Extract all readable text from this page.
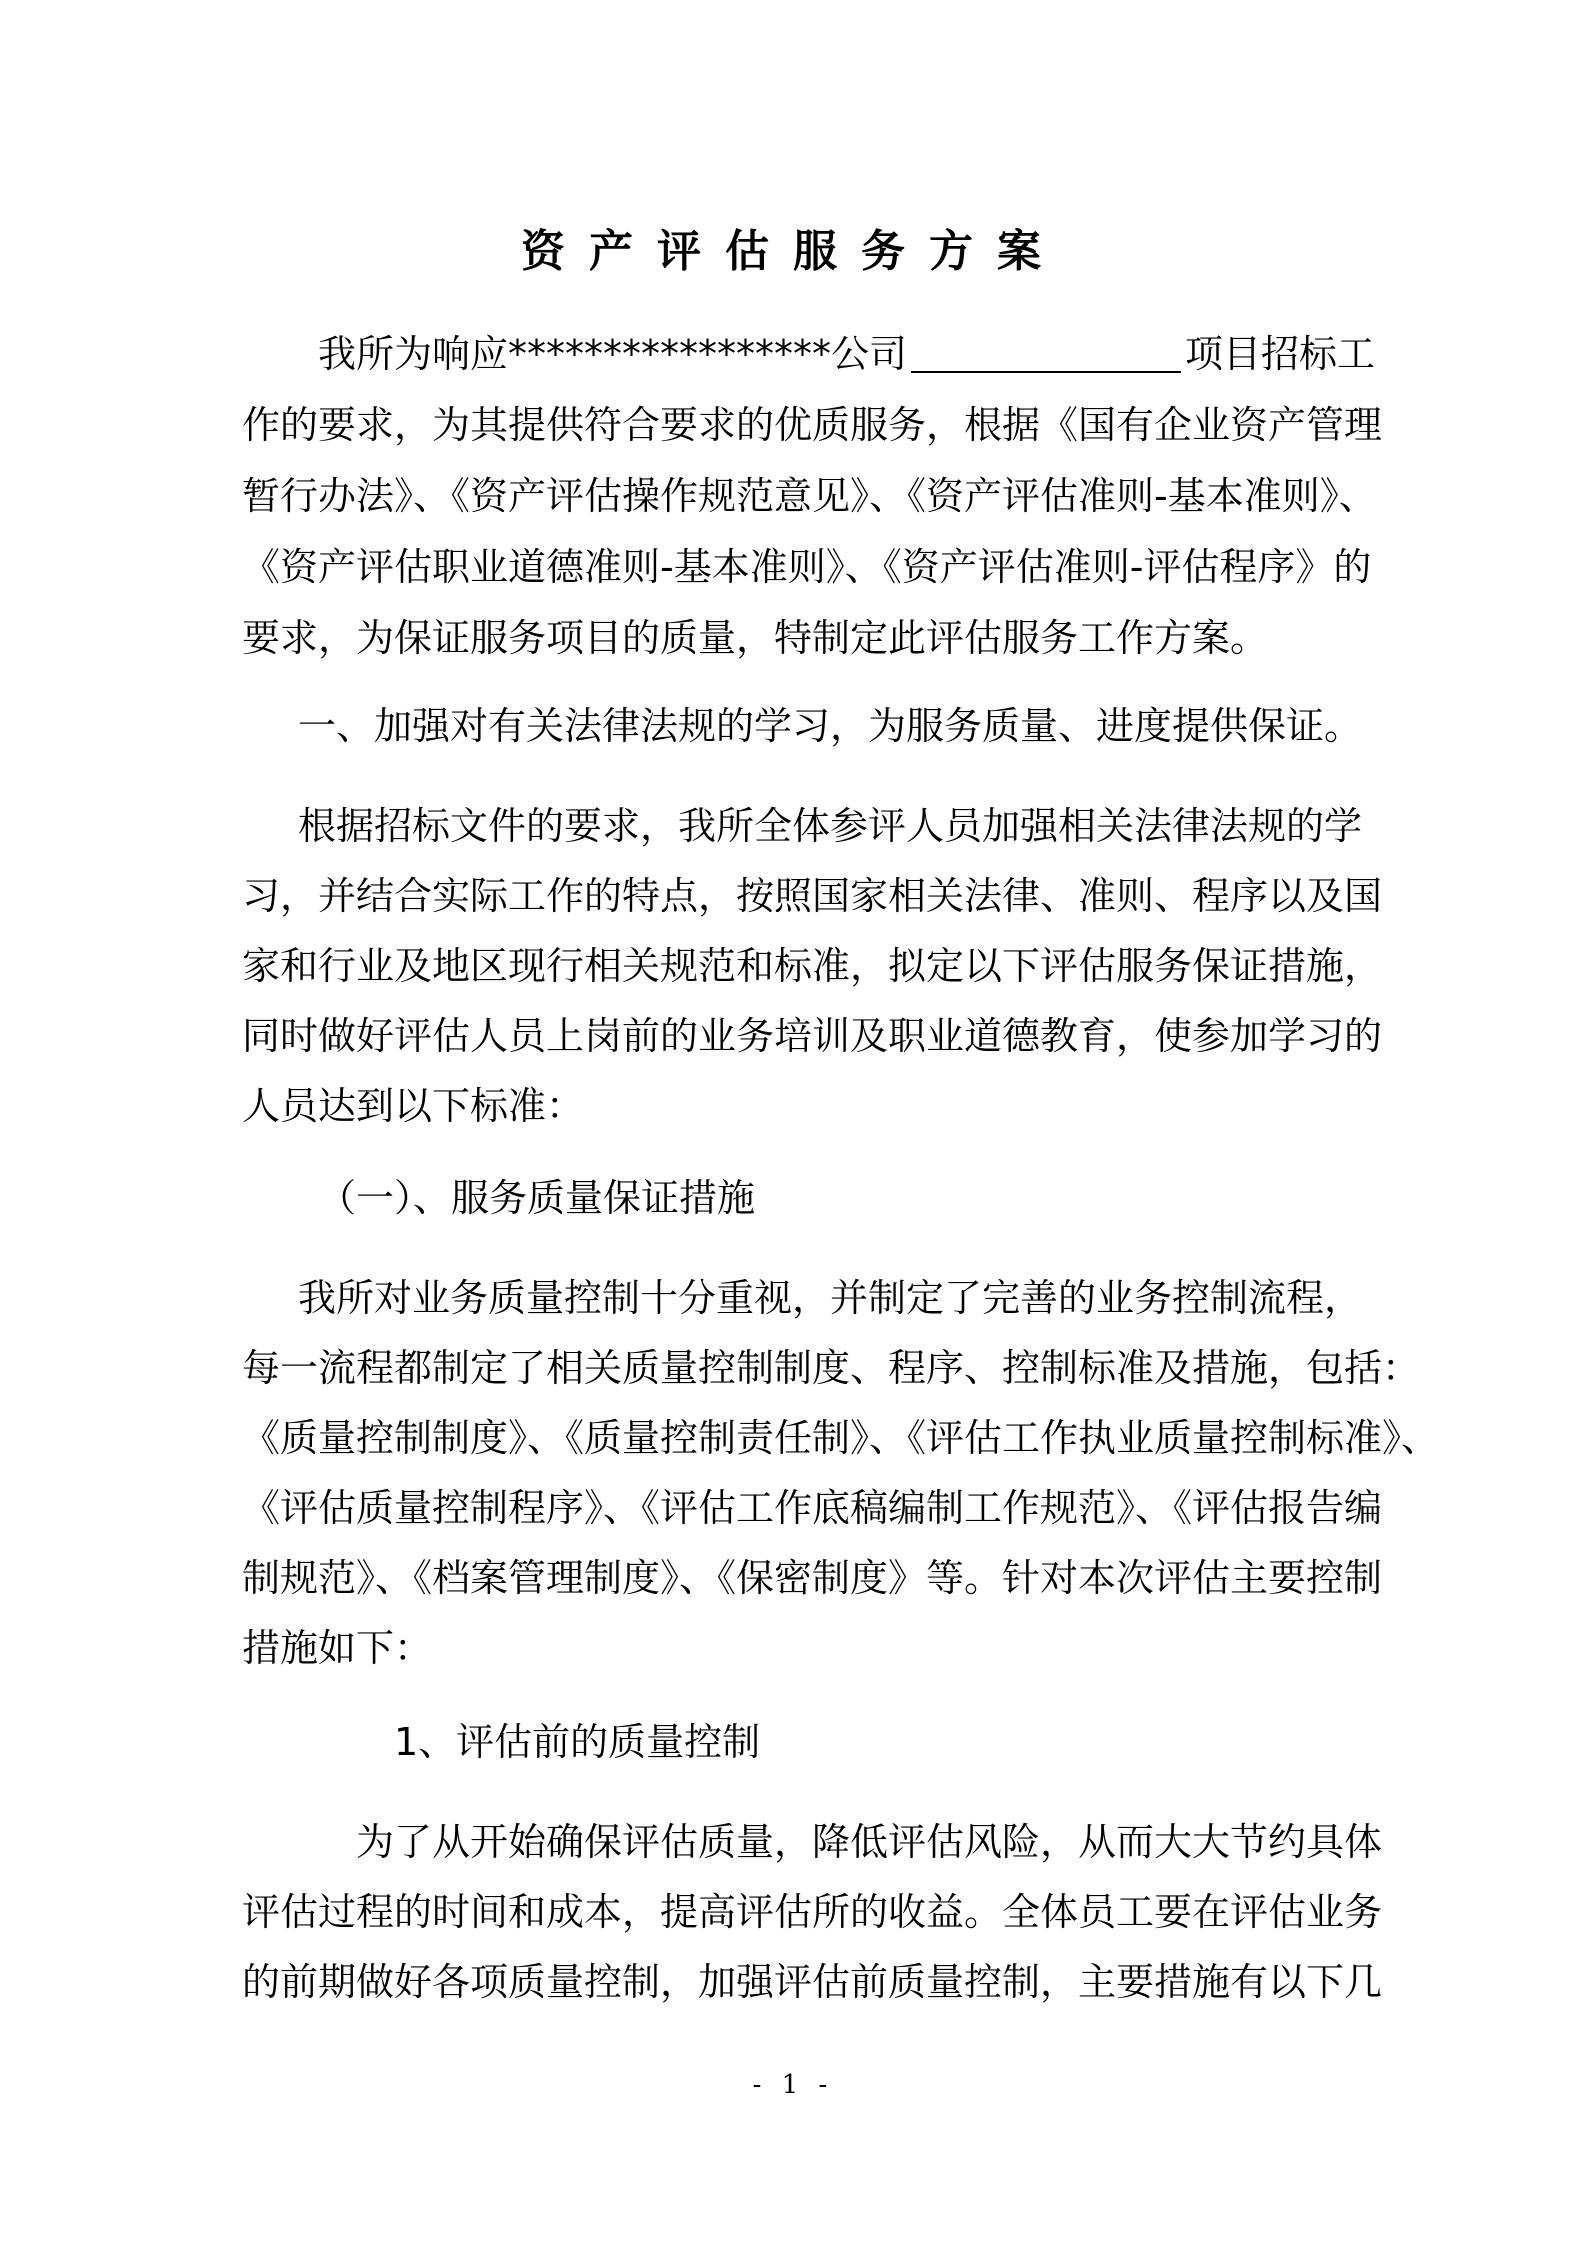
资产评估服务方案
我所为响应*****************公司	项目招标工
作的要求，为其提供符合要求的优质服务，根据《国有企业资产管理
暂行办法》、《资产评估操作规范意见》、《资产评估准则-基本准则》、
《资产评估职业道德准则-基本准则》、《资产评估准则-评估程序》的
要求，为保证服务项目的质量，特制定此评估服务工作方案。
一、加强对有关法律法规的学习，为服务质量、进度提供保证。
根据招标文件的要求，我所全体参评人员加强相关法律法规的学
习，并结合实际工作的特点，按照国家相关法律、准则、程序以及国
家和行业及地区现行相关规范和标准，拟定以下评估服务保证措施，
同时做好评估人员上岗前的业务培训及职业道德教育，使参加学习的
人员达到以下标准：
（一）、服务质量保证措施
我所对业务质量控制十分重视，并制定了完善的业务控制流程，
每一流程都制定了相关质量控制制度、程序、控制标准及措施，包括：
《质量控制制度》、《质量控制责任制》、《评估工作执业质量控制标准》、
《评估质量控制程序》、《评估工作底稿编制工作规范》、《评估报告编
制规范》、《档案管理制度》、《保密制度》等。针对本次评估主要控制
措施如下：
1、评估前的质量控制
为了从开始确保评估质量，降低评估风险，从而大大节约具体
评估过程的时间和成本，提高评估所的收益。全体员工要在评估业务
的前期做好各项质量控制，加强评估前质量控制，主要措施有以下几
- 1 -
